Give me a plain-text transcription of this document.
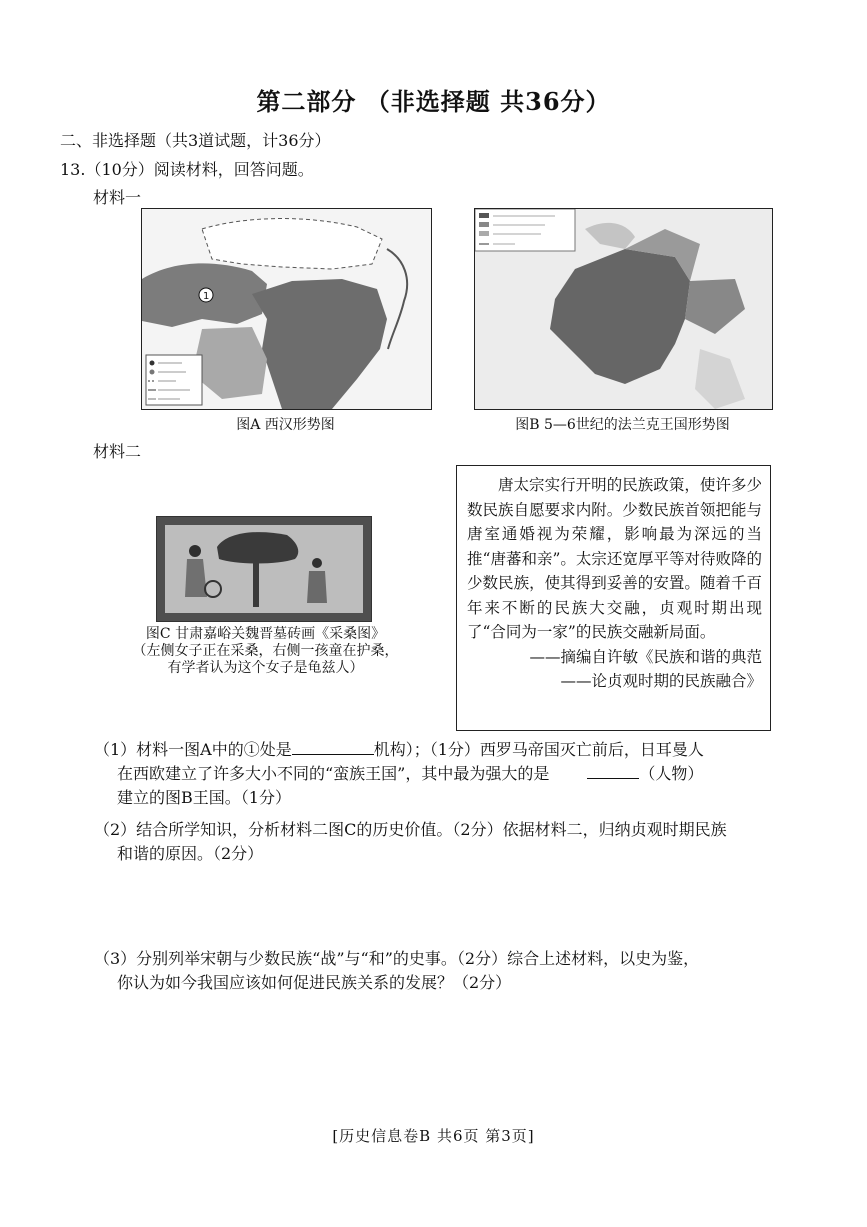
第二部分 （非选择题 共36分）
二、非选择题（共3道试题，计36分）
13.（10分）阅读材料，回答问题。
材料一
1
图A 西汉形势图	图B 5—6世纪的法兰克王国形势图
材料二
图C 甘肃嘉峪关魏晋墓砖画《采桑图》
（左侧女子正在采桑，右侧一孩童在护桑，
有学者认为这个女子是龟兹人）

唐太宗实行开明的民族政策，使许多少数民族自愿要求内附。少数民族首领把能与唐室通婚视为荣耀，影响最为深远的当推“唐蕃和亲”。太宗还宽厚平等对待败降的少数民族，使其得到妥善的安置。随着千百年来不断的民族大交融，贞观时期出现了“合同为一家”的民族交融新局面。

——摘编自许敏《民族和谐的典范
——论贞观时期的民族融合》
（1）材料一图A中的①处是	机构）；（1分）西罗马帝国灭亡前后，日耳曼人
在西欧建立了许多大小不同的“蛮族王国”，其中最为强大的是	（人物）
建立的图B王国。（1分）
（2）结合所学知识，分析材料二图C的历史价值。（2分）依据材料二，归纳贞观时期民族
和谐的原因。（2分）
（3）分别列举宋朝与少数民族“战”与“和”的史事。（2分）综合上述材料，以史为鉴，
你认为如今我国应该如何促进民族关系的发展？（2分）
[历史信息卷B 共6页 第3页]
